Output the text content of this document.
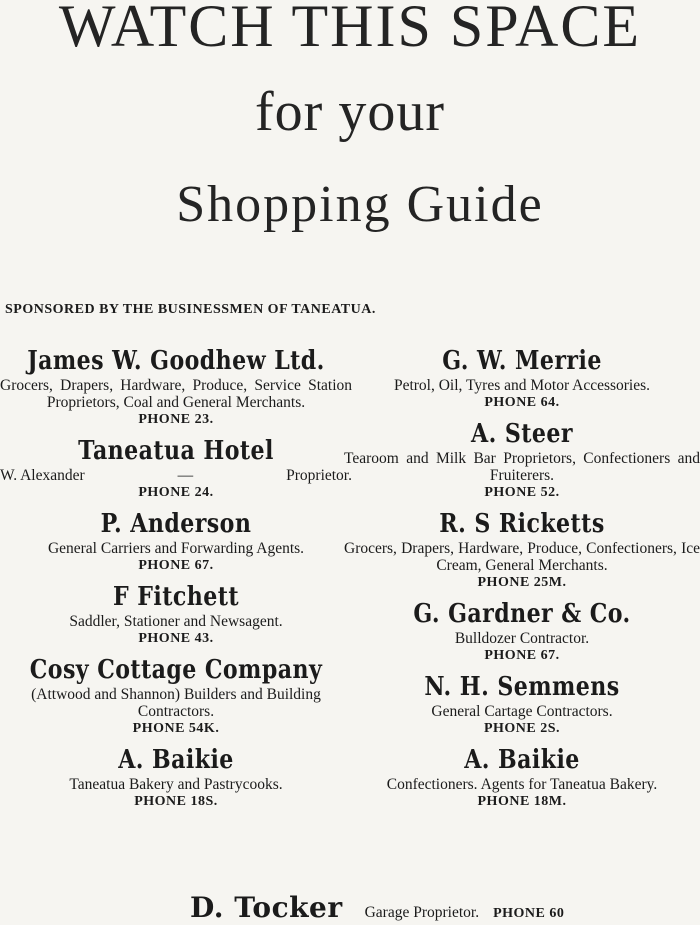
WATCH THIS SPACE
for your
Shopping Guide
SPONSORED BY THE BUSINESSMEN OF TANEATUA.
James W. Goodhew Ltd.
Grocers, Drapers, Hardware, Produce, Service Station Proprietors, Coal and General Merchants.
PHONE 23.
Taneatua Hotel
W. Alexander	—	Proprietor.
PHONE 24.
P. Anderson
General Carriers and Forwarding Agents.
PHONE 67.
F Fitchett
Saddler, Stationer and Newsagent.
PHONE 43.
Cosy Cottage Company
(Attwood and Shannon) Builders and Building Contractors.
PHONE 54K.
A. Baikie
Taneatua Bakery and Pastrycooks.
PHONE 18S.
G. W. Merrie
Petrol, Oil, Tyres and Motor Accessories.
PHONE 64.
A. Steer
Tearoom and Milk Bar Proprietors, Confectioners and Fruiterers.
PHONE 52.
R. S Ricketts
Grocers, Drapers, Hardware, Produce, Confectioners, Ice Cream, General Merchants.
PHONE 25M.
G. Gardner & Co.
Bulldozer Contractor.
PHONE 67.
N. H. Semmens
General Cartage Contractors.
PHONE 2S.
A. Baikie
Confectioners. Agents for Taneatua Bakery.
PHONE 18M.
D. Tocker Garage Proprietor. PHONE 60
